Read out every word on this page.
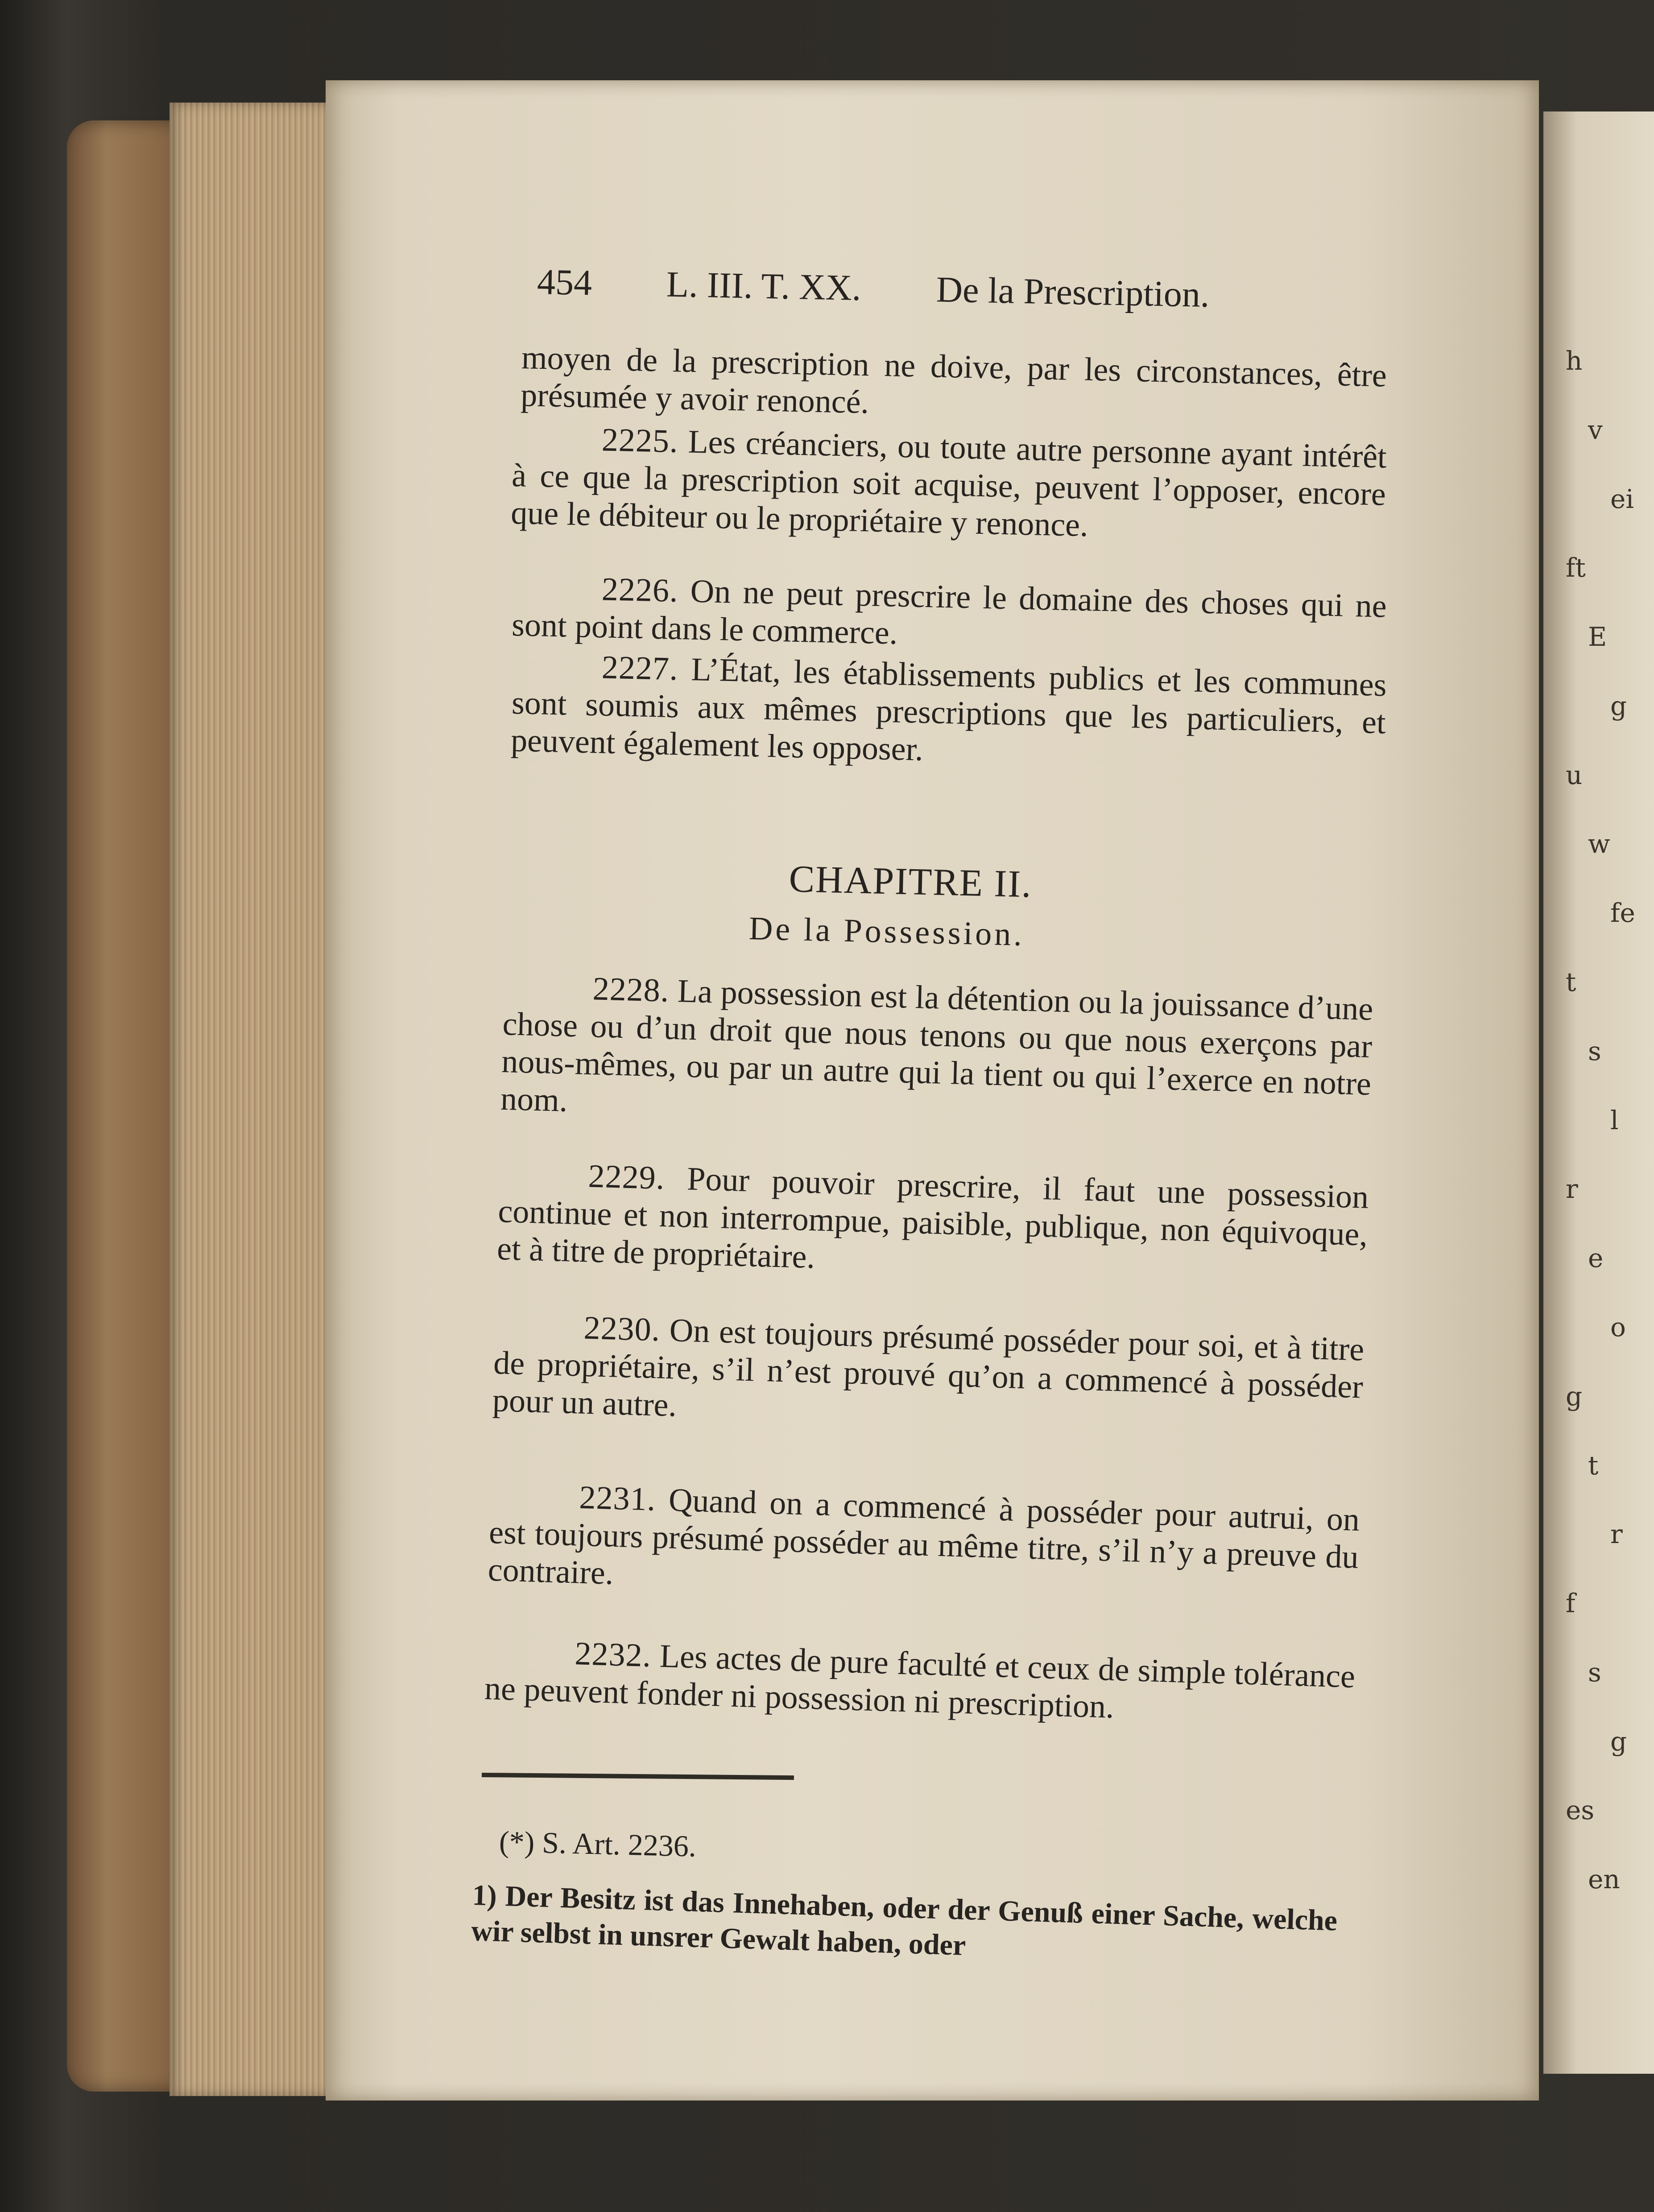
h
v
ei
ft
E
g
u
w
fe
t
s
l
r
e
o
g
t
r
f
s
g
es
en
454 L. III. T. XX. De la Prescription.
moyen de la prescription ne doive, par les circonstances, être présumée y avoir renoncé.
2225. Les créanciers, ou toute autre personne ayant intérêt à ce que la prescription soit acquise, peuvent l’opposer, encore que le débiteur ou le propriétaire y renonce.
2226. On ne peut prescrire le domaine des choses qui ne sont point dans le commerce.
2227. L’État, les établissements publics et les communes sont soumis aux mêmes prescriptions que les particuliers, et peuvent également les opposer.
CHAPITRE II.
De la Possession.
2228. La possession est la détention ou la jouissance d’une chose ou d’un droit que nous tenons ou que nous exerçons par nous-mêmes, ou par un autre qui la tient ou qui l’exerce en notre nom.
2229. Pour pouvoir prescrire, il faut une possession continue et non interrompue, paisible, publique, non équivoque, et à titre de propriétaire.
2230. On est toujours présumé posséder pour soi, et à titre de propriétaire, s’il n’est prouvé qu’on a commencé à posséder pour un autre.
2231. Quand on a commencé à posséder pour autrui, on est toujours présumé posséder au même titre, s’il n’y a preuve du contraire.
2232. Les actes de pure faculté et ceux de simple tolérance ne peuvent fonder ni possession ni prescription.
(*) S. Art. 2236.
1) Der Besitz ist das Innehaben, oder der Genuß einer Sache, welche wir selbst in unsrer Gewalt haben, oder
